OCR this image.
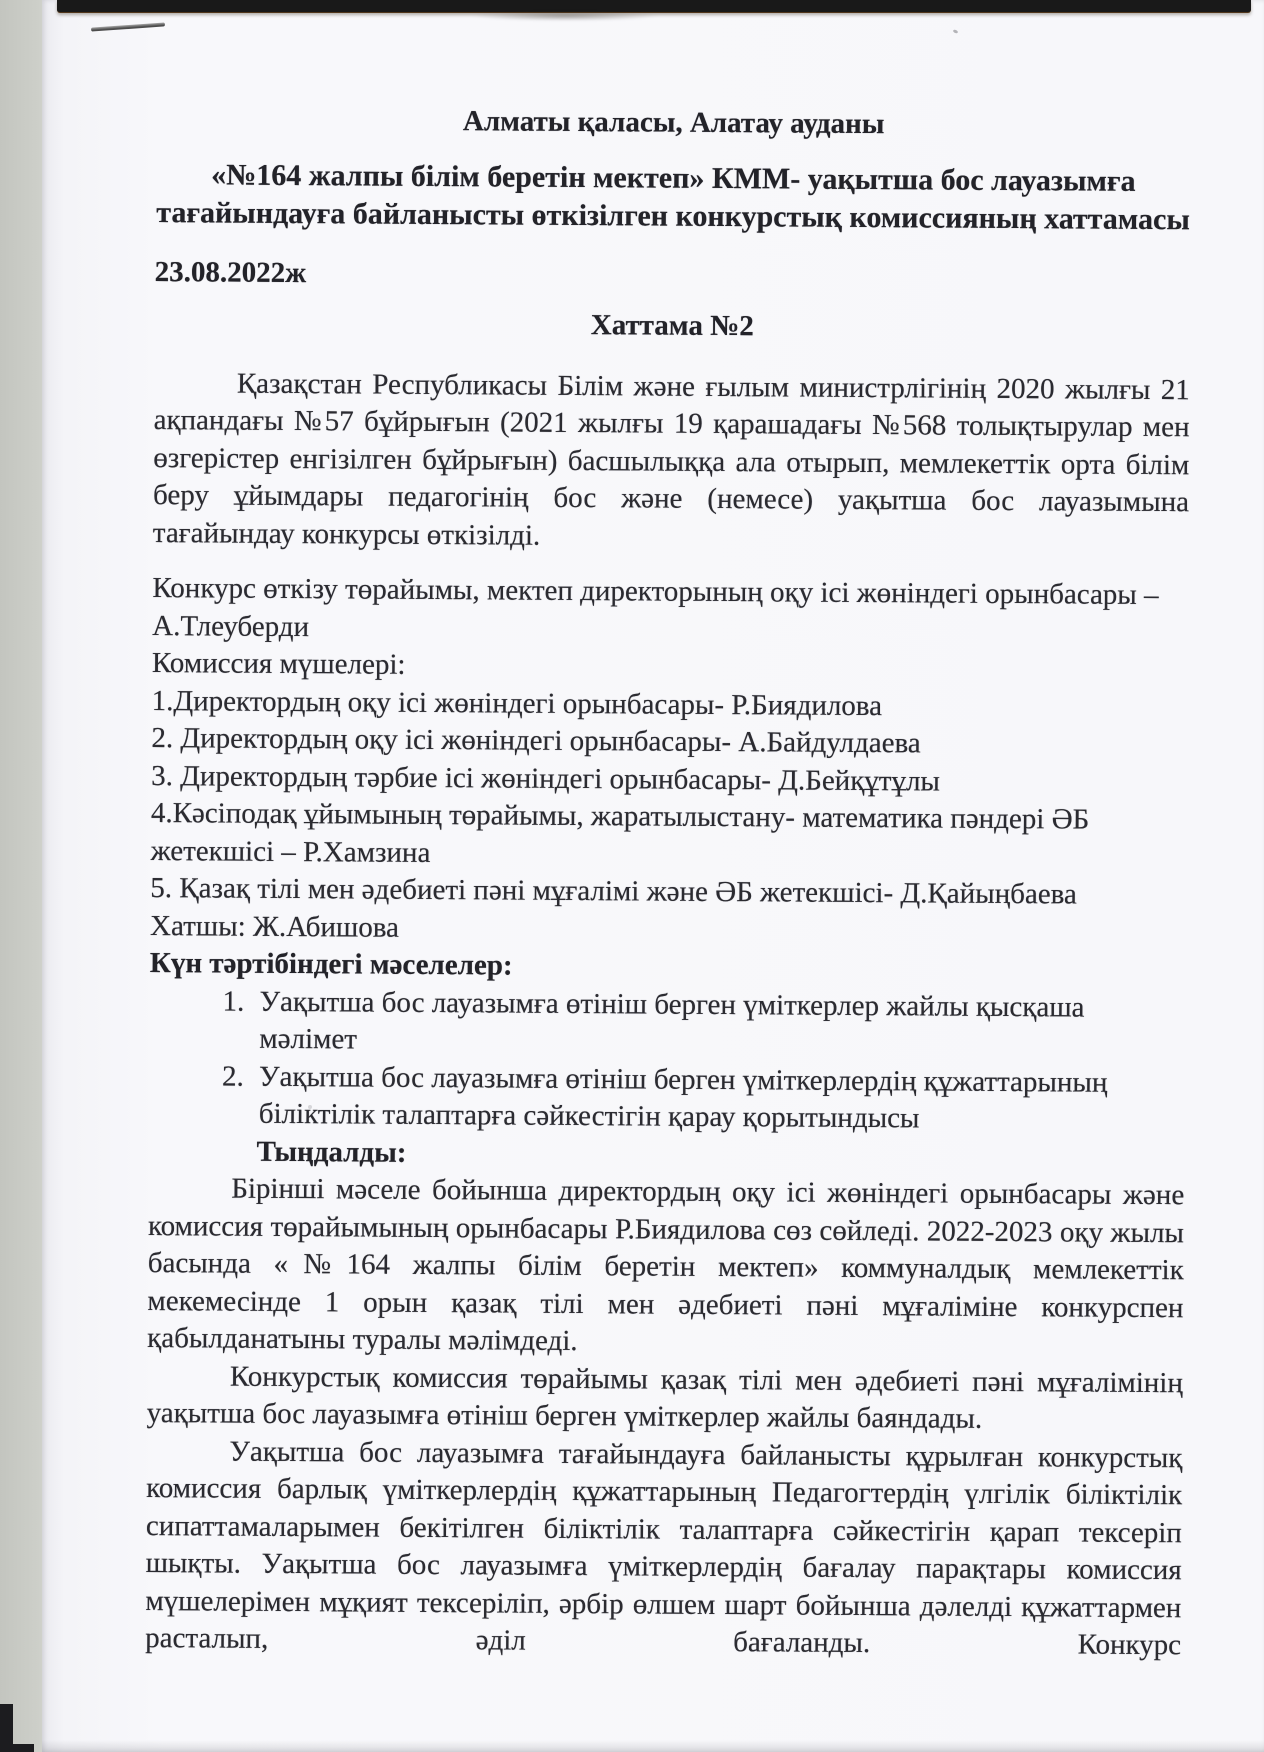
Алматы қаласы, Алатау ауданы
«№164 жалпы білім беретін мектеп» КММ- уақытша бос лауазымға тағайындауға байланысты өткізілген конкурстық комиссияның хаттамасы
23.08.2022ж
Хаттама №2
Қазақстан Республикасы Білім және ғылым министрлігінің 2020 жылғы 21 ақпандағы №57 бұйрығын (2021 жылғы 19 қарашадағы №568 толықтырулар мен өзгерістер енгізілген бұйрығын) басшылыққа ала отырып, мемлекеттік орта білім беру ұйымдары педагогінің бос және (немесе) уақытша бос лауазымына тағайындау конкурсы өткізілді.
Конкурс өткізу төрайымы, мектеп директорының оқу ісі жөніндегі орынбасары – А.Тлеуберди
Комиссия мүшелері:
1.Директордың оқу ісі жөніндегі орынбасары- Р.Биядилова
2. Директордың оқу ісі жөніндегі орынбасары- А.Байдулдаева
3. Директордың тәрбие ісі жөніндегі орынбасары- Д.Бейқұтұлы
4.Кәсіподақ ұйымының төрайымы, жаратылыстану- математика пәндері ӘБ жетекшісі – Р.Хамзина
5. Қазақ тілі мен әдебиеті пәні мұғалімі және ӘБ жетекшісі- Д.Қайыңбаева
Хатшы: Ж.Абишова
Күн тәртібіндегі мәселелер:
1. Уақытша бос лауазымға өтініш берген үміткерлер жайлы қысқаша мәлімет
2. Уақытша бос лауазымға өтініш берген үміткерлердің құжаттарының біліктілік талаптарға сәйкестігін қарау қорытындысы
Тыңдалды:
Бірінші мәселе бойынша директордың оқу ісі жөніндегі орынбасары және комиссия төрайымының орынбасары Р.Биядилова сөз сөйледі. 2022-2023 оқу жылы басында «№164 жалпы білім беретін мектеп» коммуналдық мемлекеттік мекемесінде 1 орын қазақ тілі мен әдебиеті пәні мұғаліміне конкурспен қабылданатыны туралы мәлімдеді.
Конкурстық комиссия төрайымы қазақ тілі мен әдебиеті пәні мұғалімінің уақытша бос лауазымға өтініш берген үміткерлер жайлы баяндады.
Уақытша бос лауазымға тағайындауға байланысты құрылған конкурстық комиссия барлық үміткерлердің құжаттарының Педагогтердің үлгілік біліктілік сипаттамаларымен бекітілген біліктілік талаптарға сәйкестігін қарап тексеріп шықты. Уақытша бос лауазымға үміткерлердің бағалау парақтары комиссия мүшелерімен мұқият тексеріліп, әрбір өлшем шарт бойынша дәлелді құжаттармен расталып, әділ бағаланды. Конкурс
